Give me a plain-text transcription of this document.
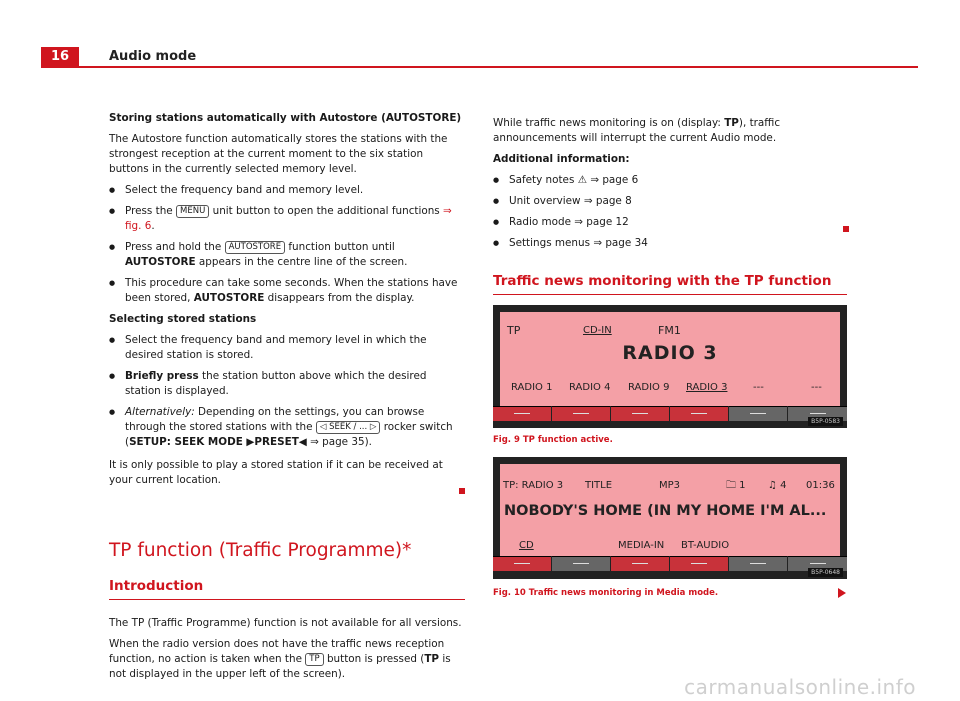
16	Audio mode

Storing stations automatically with Autostore (AUTOSTORE)

The Autostore function automatically stores the stations with the strongest reception at the current moment to the six station buttons in the currently selected memory level.

● Select the frequency band and memory level.
● Press the MENU unit button to open the additional functions ⇒ fig. 6.
● Press and hold the AUTOSTORE function button until AUTOSTORE appears in the centre line of the screen.
● This procedure can take some seconds. When the stations have been stored, AUTOSTORE disappears from the display.

Selecting stored stations

● Select the frequency band and memory level in which the desired station is stored.
● Briefly press the station button above which the desired station is displayed.
● Alternatively: Depending on the settings, you can browse through the stored stations with the ◁ SEEK / ... ▷ rocker switch (SETUP: SEEK MODE ▶PRESET◀ ⇒ page 35).

It is only possible to play a stored station if it can be received at your current location.

TP function (Traffic Programme)*
Introduction

The TP (Traffic Programme) function is not available for all versions.

When the radio version does not have the traffic news reception function, no action is taken when the TP button is pressed (TP is not displayed in the upper left of the screen).

While traffic news monitoring is on (display: TP), traffic announcements will interrupt the current Audio mode.

Additional information:

● Safety notes ⚠ ⇒ page 6
● Unit overview ⇒ page 8
● Radio mode ⇒ page 12
● Settings menus ⇒ page 34
Traffic news monitoring with the TP function
TP	CD-IN	FM1
RADIO 3
RADIO 1 RADIO 4 RADIO 9 RADIO 3	---	---
B5P-0583
Fig. 9 TP function active.
TP: RADIO 3 TITLE	MP3	🗀 1 ♫ 4 01:36
NOBODY'S HOME (IN MY HOME I'M AL...
CD	MEDIA-IN BT-AUDIO
B5P-0648
Fig. 10 Traffic news monitoring in Media mode.
carmanualsonline.info
